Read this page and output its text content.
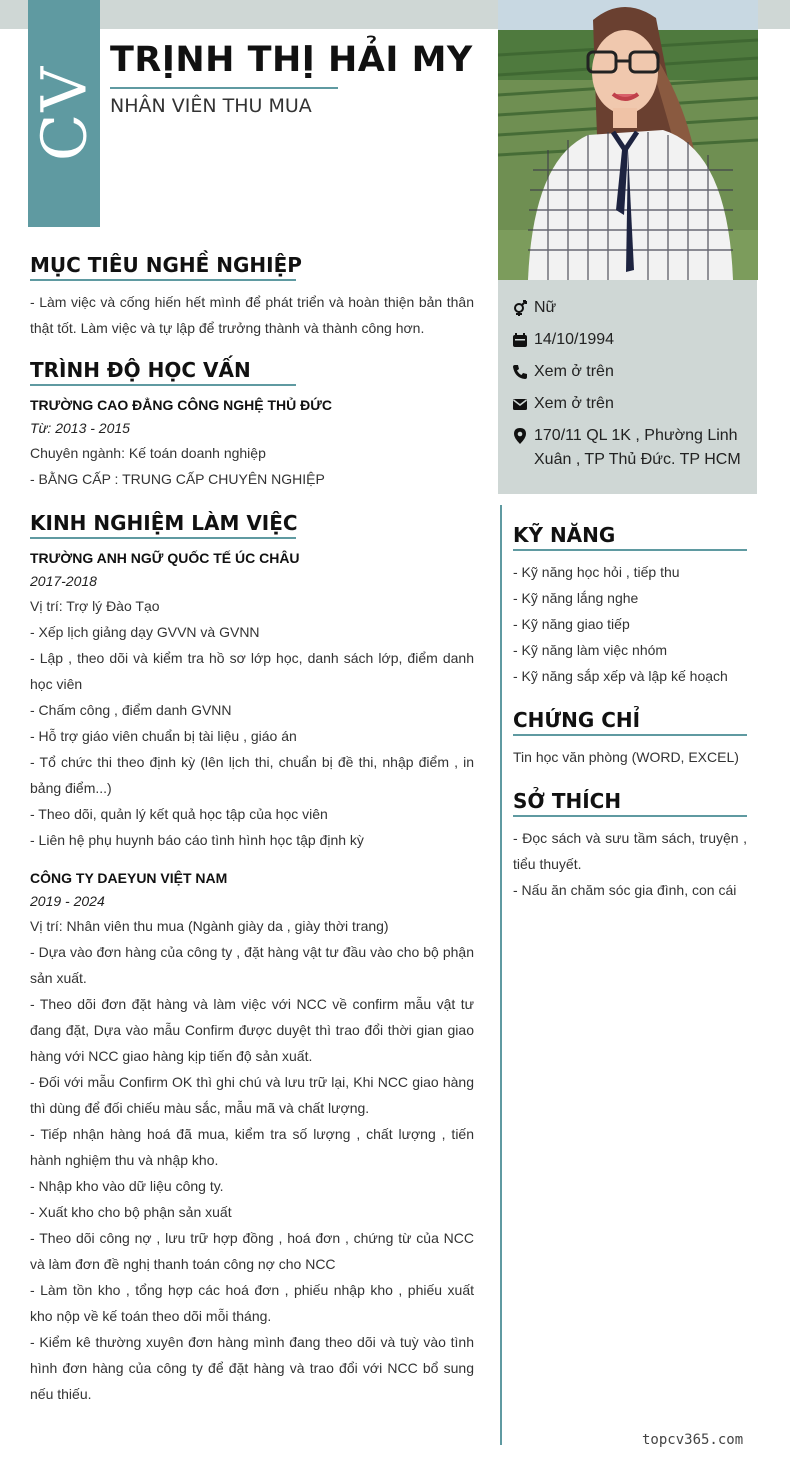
CV
TRỊNH THỊ HẢI MY
NHÂN VIÊN THU MUA
Nữ
14/10/1994
Xem ở trên
Xem ở trên
170/11 QL 1K , Phường Linh Xuân , TP Thủ Đức. TP HCM
MỤC TIÊU NGHỀ NGHIỆP
- Làm việc và cống hiến hết mình để phát triển và hoàn thiện bản thân thật tốt. Làm việc và tự lập để trưởng thành và thành công hơn.
TRÌNH ĐỘ HỌC VẤN
TRƯỜNG CAO ĐẲNG CÔNG NGHỆ THỦ ĐỨC
Từ: 2013 - 2015
Chuyên ngành: Kế toán doanh nghiệp
- BẰNG CẤP : TRUNG CẤP CHUYÊN NGHIỆP
KINH NGHIỆM LÀM VIỆC
TRƯỜNG ANH NGỮ QUỐC TẾ ÚC CHÂU
2017-2018
Vị trí: Trợ lý Đào Tạo
- Xếp lịch giảng dạy GVVN và GVNN
- Lập , theo dõi và kiểm tra hồ sơ lớp học, danh sách lớp, điểm danh học viên
- Chấm công , điểm danh GVNN
- Hỗ trợ giáo viên chuẩn bị tài liệu , giáo án
- Tổ chức thi theo định kỳ (lên lịch thi, chuẩn bị đề thi, nhập điểm , in bảng điểm...)
- Theo dõi, quản lý kết quả học tập của học viên
- Liên hệ phụ huynh báo cáo tình hình học tập định kỳ
CÔNG TY DAEYUN VIỆT NAM
2019 - 2024
Vị trí: Nhân viên thu mua (Ngành giày da , giày thời trang)
- Dựa vào đơn hàng của công ty , đặt hàng vật tư đầu vào cho bộ phận sản xuất.
- Theo dõi đơn đặt hàng và làm việc với NCC về confirm mẫu vật tư đang đặt, Dựa vào mẫu Confirm được duyệt thì trao đổi thời gian giao hàng với NCC giao hàng kịp tiến độ sản xuất.
- Đối với mẫu Confirm OK thì ghi chú và lưu trữ lại, Khi NCC giao hàng thì dùng để đối chiếu màu sắc, mẫu mã và chất lượng.
- Tiếp nhận hàng hoá đã mua, kiểm tra số lượng , chất lượng , tiến hành nghiệm thu và nhập kho.
- Nhập kho vào dữ liệu công ty.
- Xuất kho cho bộ phận sản xuất
- Theo dõi công nợ , lưu trữ hợp đồng , hoá đơn , chứng từ của NCC và làm đơn đề nghị thanh toán công nợ cho NCC
- Làm tồn kho , tổng hợp các hoá đơn , phiếu nhập kho , phiếu xuất kho nộp về kế toán theo dõi mỗi tháng.
- Kiểm kê thường xuyên đơn hàng mình đang theo dõi và tuỳ vào tình hình đơn hàng của công ty để đặt hàng và trao đổi với NCC bổ sung nếu thiếu.
KỸ NĂNG
- Kỹ năng học hỏi , tiếp thu
- Kỹ năng lắng nghe
- Kỹ năng giao tiếp
- Kỹ năng làm việc nhóm
- Kỹ năng sắp xếp và lập kế hoạch
CHỨNG CHỈ
Tin học văn phòng (WORD, EXCEL)
SỞ THÍCH
- Đọc sách và sưu tầm sách, truyện , tiểu thuyết.
- Nấu ăn chăm sóc gia đình, con cái
topcv365.com
